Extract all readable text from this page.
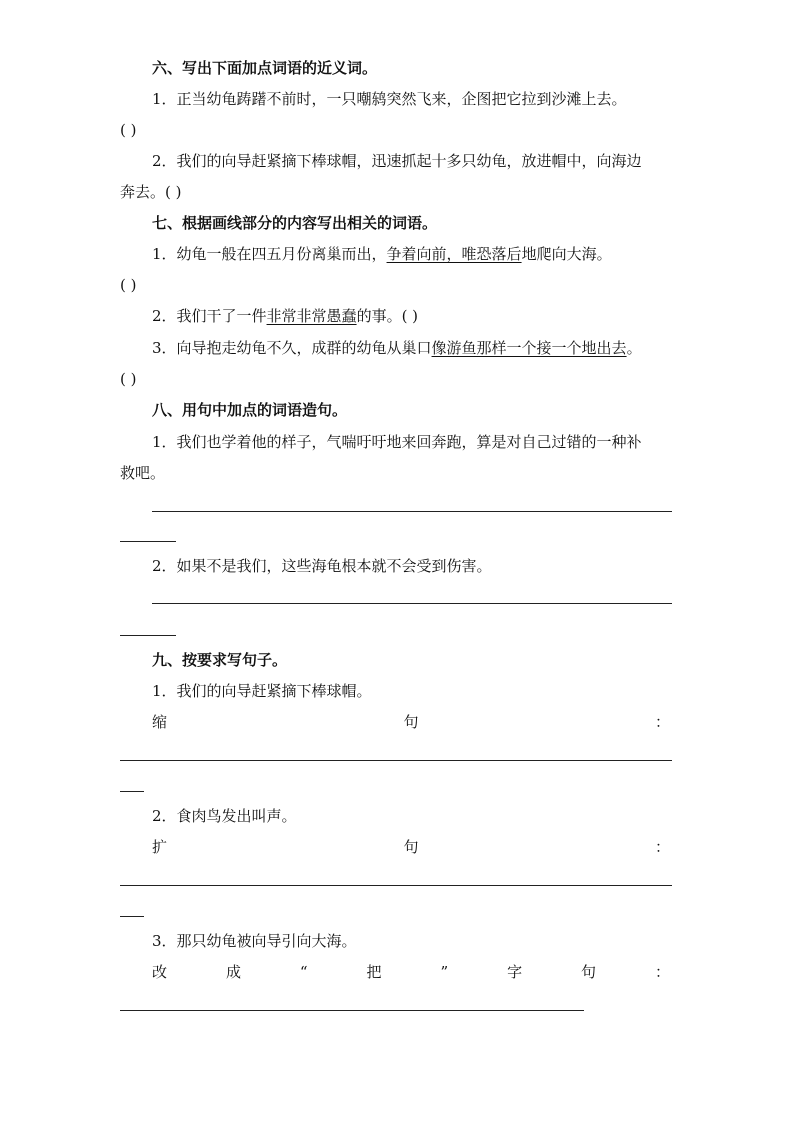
六、写出下面加点词语的近义词。
1．正当幼龟踌躇不前时，一只嘲鸫突然飞来，企图把它拉到沙滩上去。
( )
2．我们的向导赶紧摘下棒球帽，迅速抓起十多只幼龟，放进帽中，向海边
奔去。( )
七、根据画线部分的内容写出相关的词语。
1．幼龟一般在四五月份离巢而出，争着向前，唯恐落后地爬向大海。
( )
2．我们干了一件非常非常愚蠢的事。( )
3．向导抱走幼龟不久，成群的幼龟从巢口像游鱼那样一个接一个地出去。
( )
八、用句中加点的词语造句。
1．我们也学着他的样子，气喘吁吁地来回奔跑，算是对自己过错的一种补
救吧。
2．如果不是我们，这些海龟根本就不会受到伤害。
九、按要求写句子。
1．我们的向导赶紧摘下棒球帽。
缩	句	：
2．食肉鸟发出叫声。
扩	句	：
3．那只幼龟被向导引向大海。
改	成	“	把	”	字	句	：
